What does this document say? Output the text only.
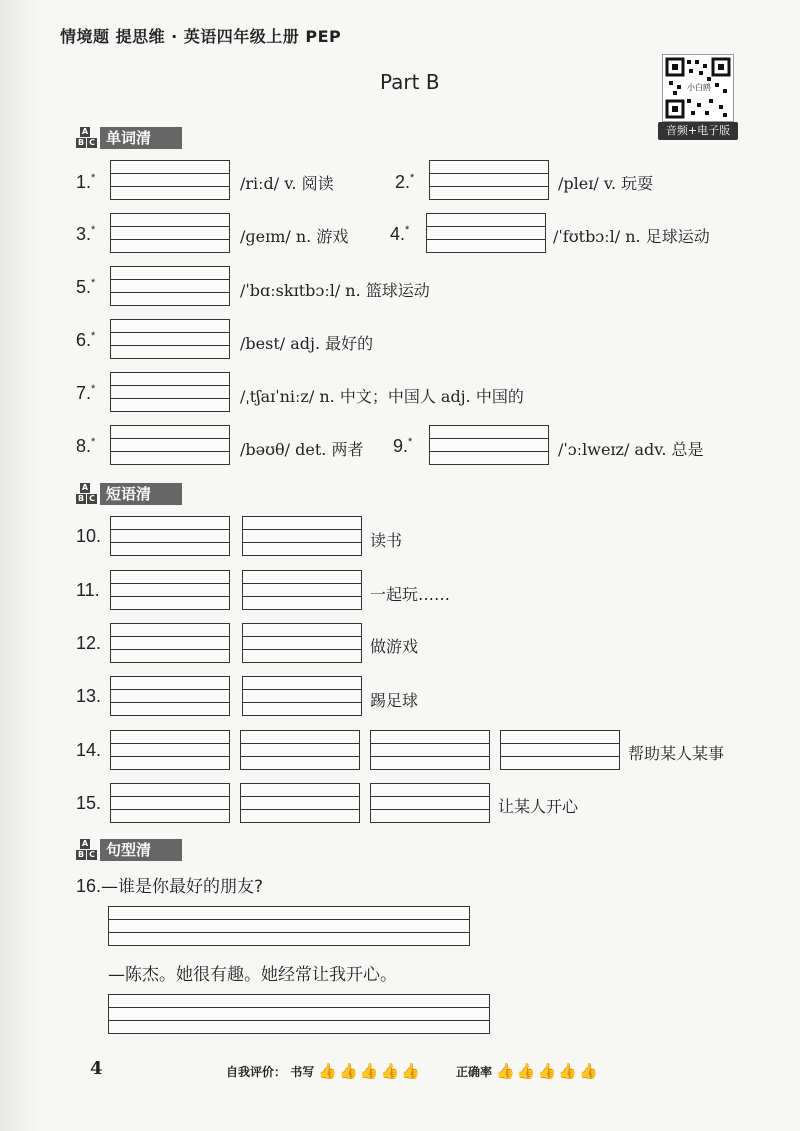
情境题 提思维 · 英语四年级上册 PEP
Part B	小白鸥
音频+电子版
A
B C 单词清
1.*	/riːd/ v. 阅读	2.*	/pleɪ/ v. 玩耍
3.*	/ɡeɪm/ n. 游戏 4.*	/ˈfʊtbɔːl/ n. 足球运动
5.*	/ˈbɑːskɪtbɔːl/ n. 篮球运动
6.*	/best/ adj. 最好的
7.*	/ˌtʃaɪˈniːz/ n. 中文；中国人 adj. 中国的
8.*	/bəʊθ/ det. 两者 9.*	/ˈɔːlweɪz/ adv. 总是
A
B C 短语清
10.	读书
11.	一起玩……
12.	做游戏
13.	踢足球
14.	帮助某人某事
15.	让某人开心
A
B C 句型清
16.—谁是你最好的朋友?
—陈杰。她很有趣。她经常让我开心。
4	自我评价： 书写 👍 👍 👍 👍 👍	正确率 👍 👍 👍 👍 👍
